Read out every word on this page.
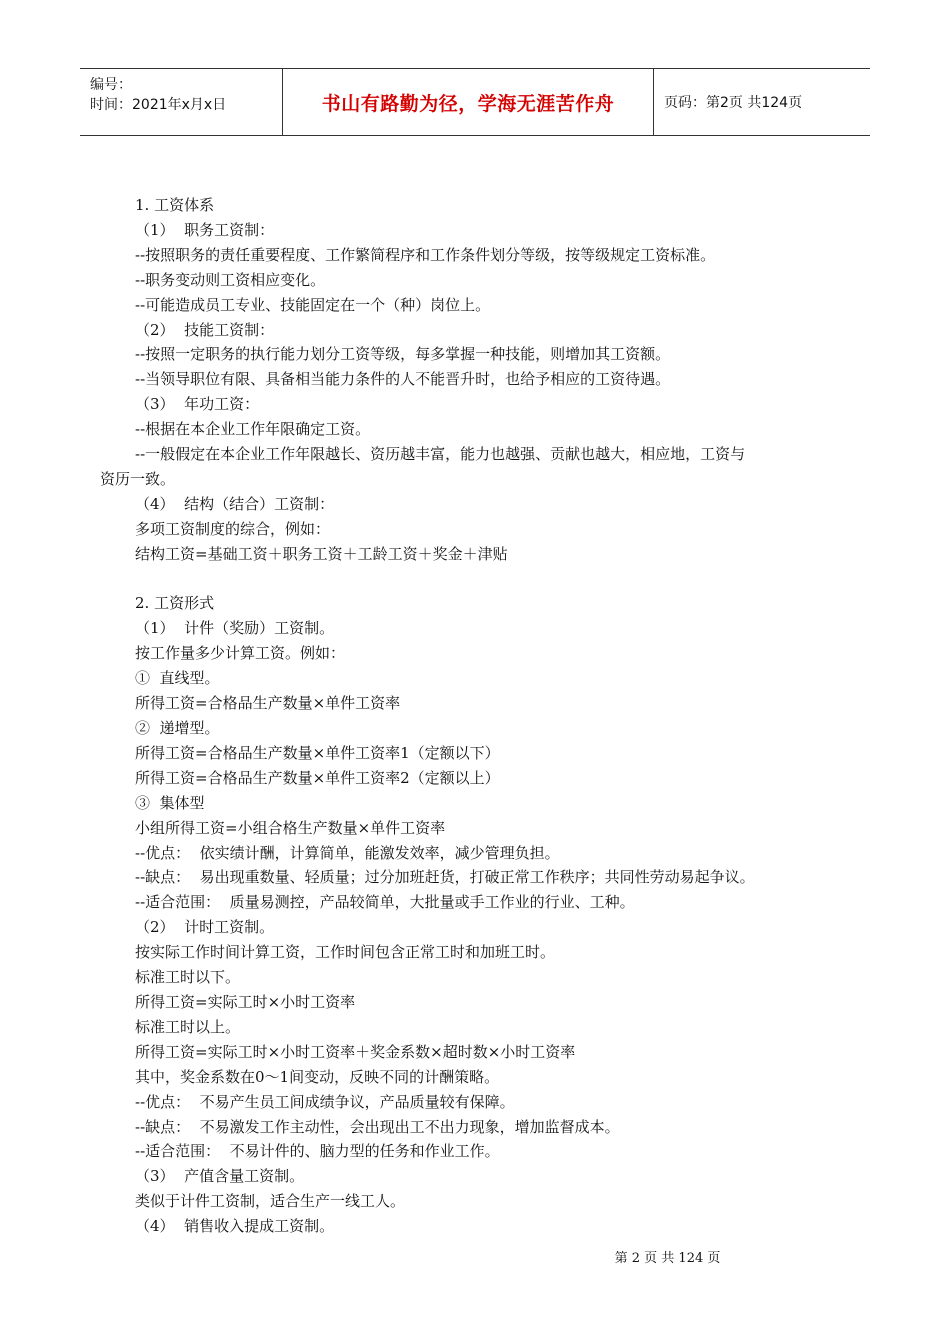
编号：
时间：2021年x月x日	书山有路勤为径，学海无涯苦作舟	页码：第2页 共124页

1. 工资体系

（1）  职务工资制：

--按照职务的责任重要程度、工作繁简程序和工作条件划分等级，按等级规定工资标准。

--职务变动则工资相应变化。

--可能造成员工专业、技能固定在一个（种）岗位上。

（2）  技能工资制：

--按照一定职务的执行能力划分工资等级，每多掌握一种技能，则增加其工资额。

--当领导职位有限、具备相当能力条件的人不能晋升时，也给予相应的工资待遇。

（3）  年功工资：

--根据在本企业工作年限确定工资。

--一般假定在本企业工作年限越长、资历越丰富，能力也越强、贡献也越大，相应地，工资与

资历一致。

（4）  结构（结合）工资制：

多项工资制度的综合，例如：

结构工资=基础工资＋职务工资＋工龄工资＋奖金＋津贴

2. 工资形式

（1）  计件（奖励）工资制。

按工作量多少计算工资。例如：

①  直线型。

所得工资=合格品生产数量×单件工资率

②  递增型。

所得工资=合格品生产数量×单件工资率1（定额以下）

所得工资=合格品生产数量×单件工资率2（定额以上）

③  集体型

小组所得工资=小组合格生产数量×单件工资率

--优点：  依实绩计酬，计算简单，能激发效率，减少管理负担。

--缺点：  易出现重数量、轻质量；过分加班赶货，打破正常工作秩序；共同性劳动易起争议。

--适合范围：  质量易测控，产品较简单，大批量或手工作业的行业、工种。

（2）  计时工资制。

按实际工作时间计算工资，工作时间包含正常工时和加班工时。

标准工时以下。

所得工资=实际工时×小时工资率

标准工时以上。

所得工资=实际工时×小时工资率＋奖金系数×超时数×小时工资率

其中，奖金系数在0～1间变动，反映不同的计酬策略。

--优点：  不易产生员工间成绩争议，产品质量较有保障。

--缺点：  不易激发工作主动性，会出现出工不出力现象，增加监督成本。

--适合范围：  不易计件的、脑力型的任务和作业工作。

（3）  产值含量工资制。

类似于计件工资制，适合生产一线工人。

（4）  销售收入提成工资制。

第 2 页 共 124 页
